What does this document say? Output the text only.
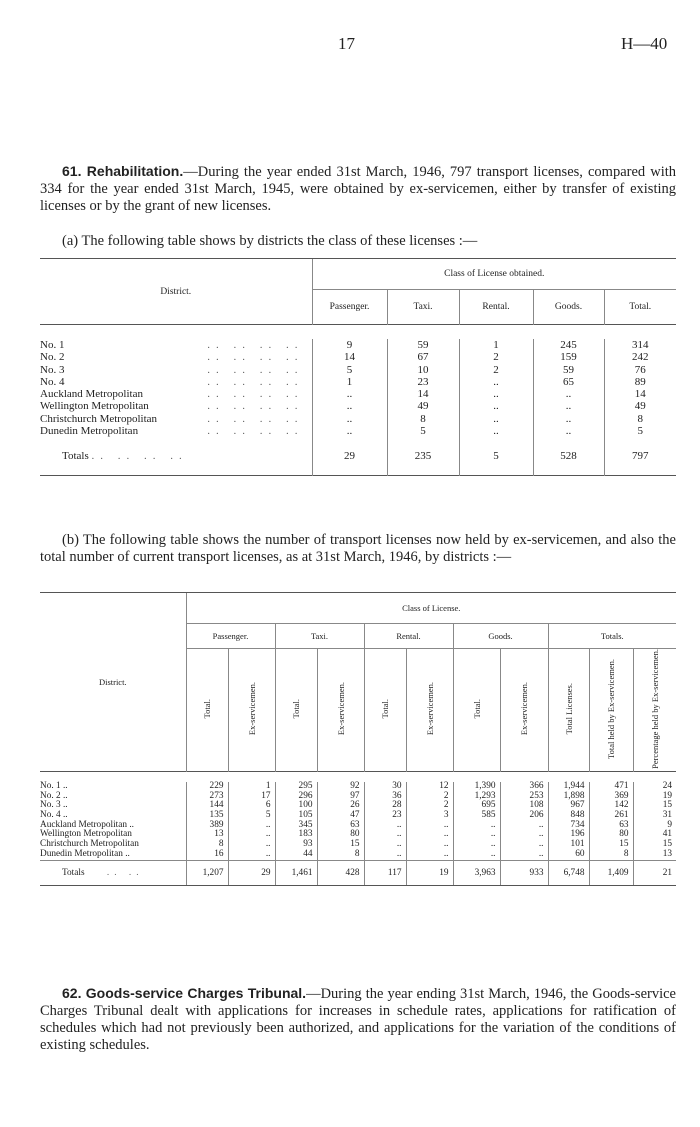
17	H—40
61. Rehabilitation.—During the year ended 31st March, 1946, 797 transport licenses, compared with 334 for the year ended 31st March, 1945, were obtained by ex-servicemen, either by transfer of existing licenses or by the grant of new licenses.
(a) The following table shows by districts the class of these licenses :—

District.	Class of License obtained.				
	Passenger.	Taxi.	Rental.	Goods.	Total.

No. 1 .. .. .. ..	9	59	1	245	314
No. 2 .. .. .. ..	14	67	2	159	242
No. 3 .. .. .. ..	5	10	2	59	76
No. 4 .. .. .. ..	1	23	..	65	89
Auckland Metropolitan .. .. .. ..	..	14	..	..	14
Wellington Metropolitan .. .. .. ..	..	49	..	..	49
Christchurch Metropolitan .. .. .. ..	..	8	..	..	8
Dunedin Metropolitan .. .. .. ..	..	5	..	..	5
Totals .. .. .. ..	29	235	5	528	797

(b) The following table shows the number of transport licenses now held by ex-servicemen, and also the total number of current transport licenses, as at 31st March, 1946, by districts :—

District.	Class of License.										
	Passenger.		Taxi.		Rental.		Goods.		Totals.		
	Total.	Ex-servicemen.	Total.	Ex-servicemen.	Total.	Ex-servicemen.	Total.	Ex-servicemen.	Total Licenses.	Total held by Ex-servicemen.	Percentage held by Ex-servicemen.

No. 1 ..	229	1	295	92	30	12	1,390	366	1,944	471	24
No. 2 ..	273	17	296	97	36	2	1,293	253	1,898	369	19
No. 3 ..	144	6	100	26	28	2	695	108	967	142	15
No. 4 ..	135	5	105	47	23	3	585	206	848	261	31
Auckland Metropolitan ..	389	..	345	63	..	..	..	..	734	63	9
Wellington Metropolitan	13	..	183	80	..	..	..	..	196	80	41
Christchurch Metropolitan	8	..	93	15	..	..	..	..	101	15	15
Dunedin Metropolitan ..	16	..	44	8	..	..	..	..	60	8	13
Totals .. ..	1,207	29	1,461	428	117	19	3,963	933	6,748	1,409	21
62. Goods-service Charges Tribunal.—During the year ending 31st March, 1946, the Goods-service Charges Tribunal dealt with applications for increases in schedule rates, applications for ratification of schedules which had not previously been authorized, and applications for the variation of the conditions of existing schedules.
